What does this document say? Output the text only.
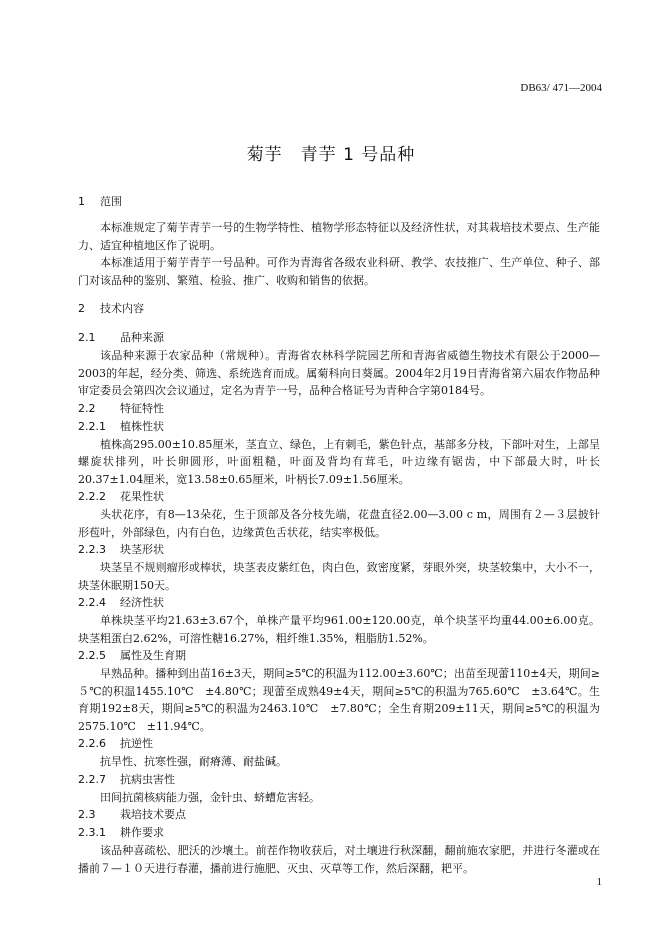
DB63/ 471—2004
菊芋　青芋 1 号品种
1 范围

本标准规定了菊芋青芋一号的生物学特性、植物学形态特征以及经济性状，对其栽培技术要点、生产能力、适宜种植地区作了说明。

本标准适用于菊芋青芋一号品种。可作为青海省各级农业科研、教学、农技推广、生产单位、种子、部门对该品种的鉴别、繁殖、检验、推广、收购和销售的依据。

2 技术内容
2.1 品种来源

该品种来源于农家品种（常规种）。青海省农林科学院园艺所和青海省威德生物技术有限公于2000—2003的年起，经分类、筛选、系统选育而成。属菊科向日葵属。2004年2月19日青海省第六届农作物品种审定委员会第四次会议通过，定名为青芋一号，品种合格证号为青种合字第0184号。

2.2 特征特性
2.2.1 植株性状

植株高295.00±10.85厘米，茎直立、绿色，上有刺毛，紫色针点，基部多分枝，下部叶对生，上部呈螺旋状排列，叶长卵圆形，叶面粗糙，叶面及背均有茸毛，叶边缘有锯齿，中下部最大时，叶长20.37±1.04厘米，宽13.58±0.65厘米，叶柄长7.09±1.56厘米。

2.2.2 花果性状

头状花序，有8—13朵花，生于顶部及各分枝先端，花盘直径2.00—3.00 c m，周围有２—３层披针形苞叶，外部绿色，内有白色，边缘黄色舌状花，结实率极低。

2.2.3 块茎形状

块茎呈不规则瘤形或棒状，块茎表皮紫红色，肉白色，致密度紧，芽眼外突，块茎较集中，大小不一，块茎休眠期150天。

2.2.4 经济性状

单株块茎平均21.63±3.67个，单株产量平均961.00±120.00克，单个块茎平均重44.00±6.00克。块茎粗蛋白2.62%，可溶性糖16.27%，粗纤维1.35%，粗脂肪1.52%。

2.2.5 属性及生育期

早熟品种。播种到出苗16±3天，期间≥5℃的积温为112.00±3.60℃；出苗至现蕾110±4天，期间≥５℃的积温1455.10℃　±4.80℃；现蕾至成熟49±4天，期间≥5℃的积温为765.60℃　±3.64℃。生育期192±8天，期间≥5℃的积温为2463.10℃　±7.80℃；全生育期209±11天，期间≥5℃的积温为2575.10℃　±11.94℃。

2.2.6 抗逆性

抗旱性、抗寒性强，耐瘠薄、耐盐碱。

2.2.7 抗病虫害性

田间抗菌核病能力强，金针虫、蛴螬危害轻。

2.3 栽培技术要点
2.3.1 耕作要求

该品种喜疏松、肥沃的沙壤土。前茬作物收获后，对土壤进行秋深翻，翻前施农家肥，并进行冬灌或在播前７—１０天进行春灌，播前进行施肥、灭虫、灭草等工作，然后深翻，耙平。

1
